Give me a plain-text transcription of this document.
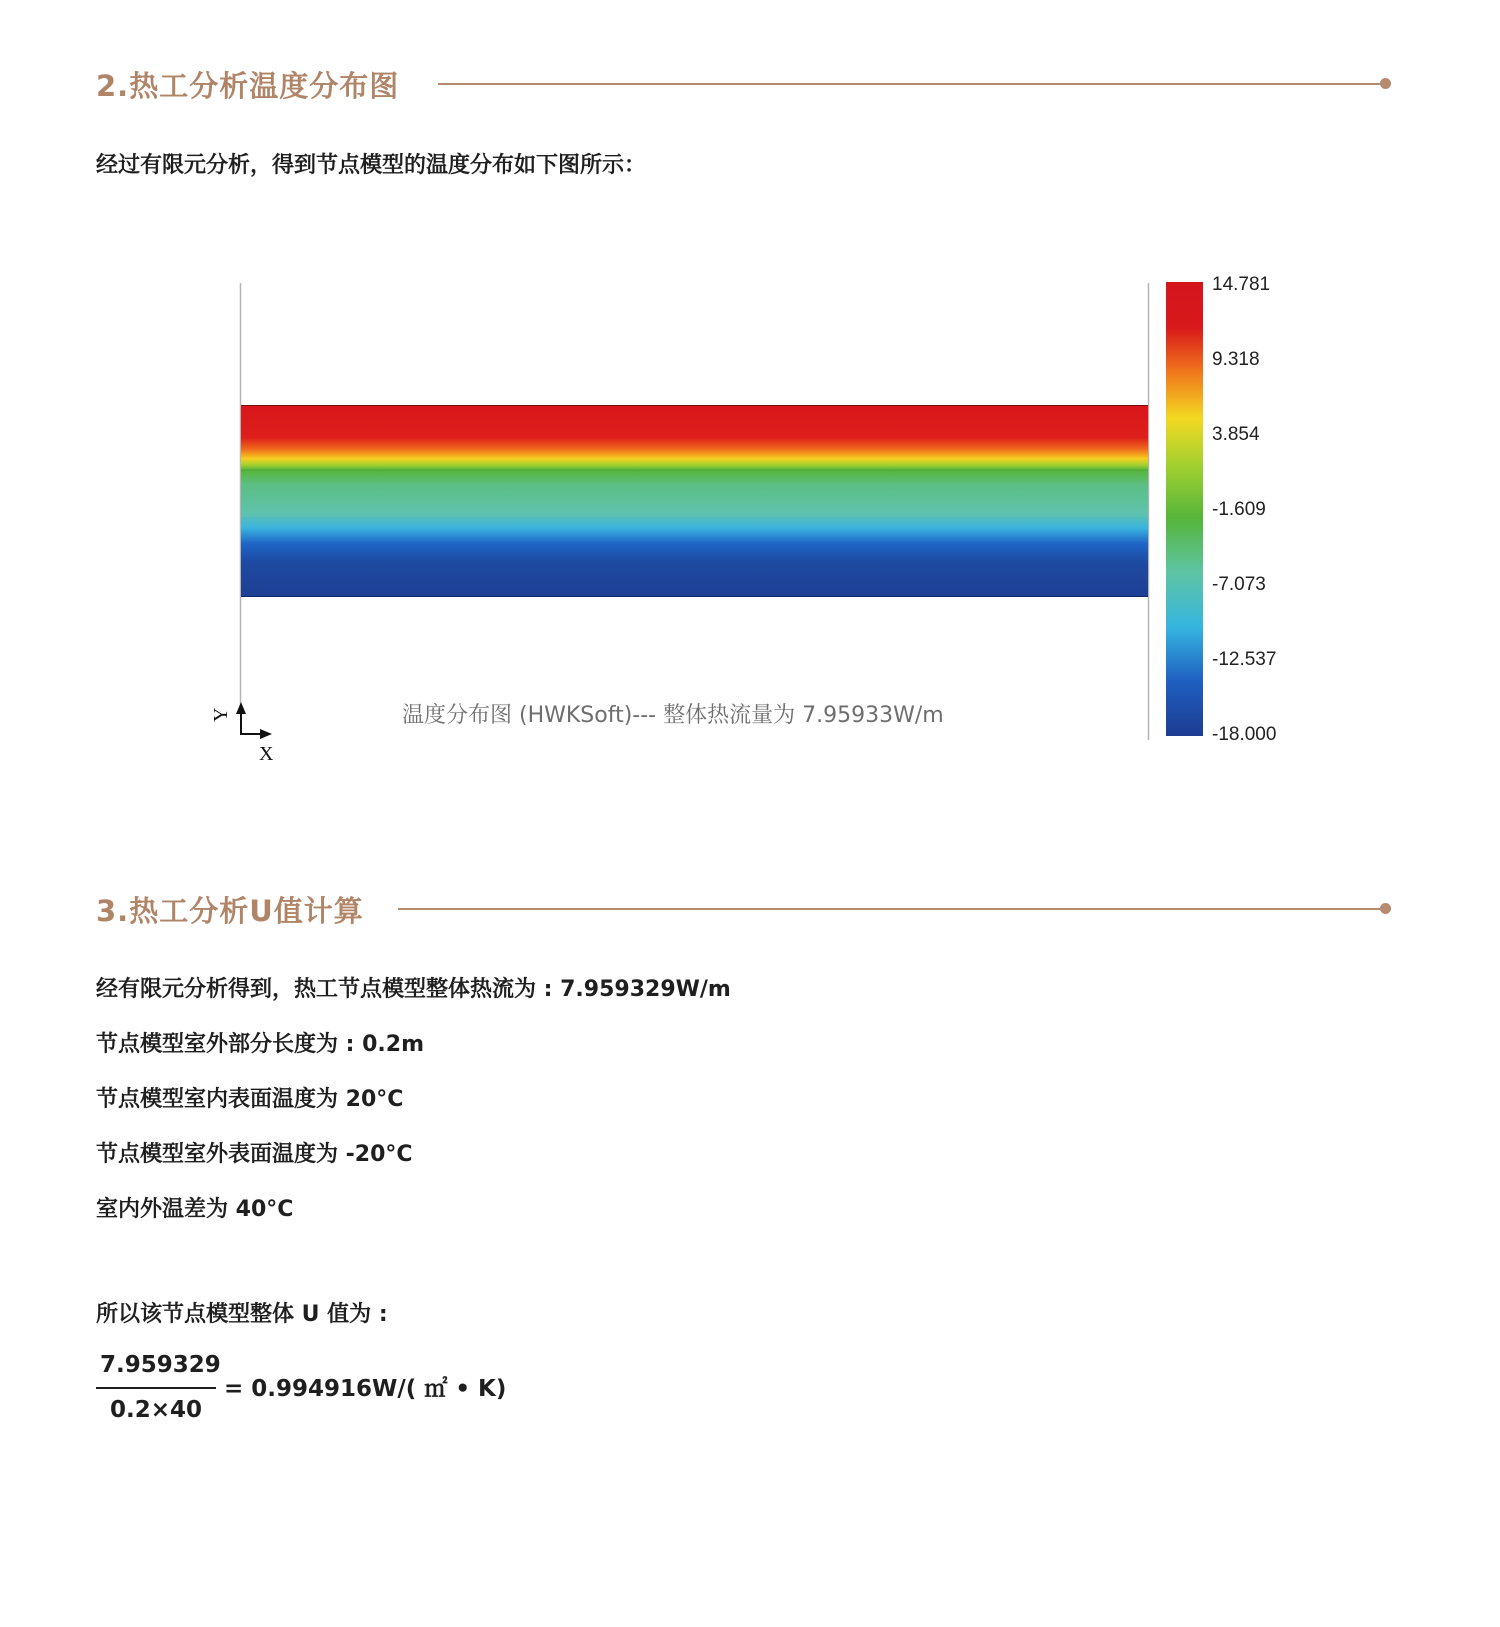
2.热工分析温度分布图
经过有限元分析，得到节点模型的温度分布如下图所示：
Y
X
温度分布图 (HWKSoft)--- 整体热流量为 7.95933W/m
14.781
9.318
3.854
-1.609
-7.073
-12.537
-18.000
3.热工分析U值计算
经有限元分析得到，热工节点模型整体热流为 : 7.959329W/m
节点模型室外部分长度为 : 0.2m
节点模型室内表面温度为 20°C
节点模型室外表面温度为 -20°C
室内外温差为 40°C
所以该节点模型整体 U 值为 :
7.959329
0.2×40
= 0.994916W/( ㎡ • K)
